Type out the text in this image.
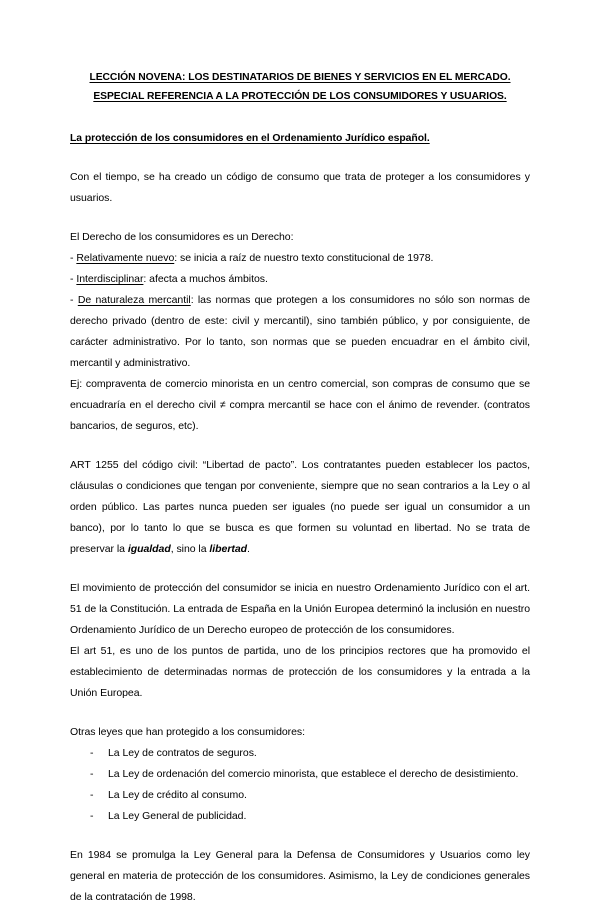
LECCIÓN NOVENA: LOS DESTINATARIOS DE BIENES Y SERVICIOS EN EL MERCADO.
ESPECIAL REFERENCIA A LA PROTECCIÓN DE LOS CONSUMIDORES Y USUARIOS.
La protección de los consumidores en el Ordenamiento Jurídico español.

Con el tiempo, se ha creado un código de consumo que trata de proteger a los consumidores y usuarios.

El Derecho de los consumidores es un Derecho:

- Relativamente nuevo: se inicia a raíz de nuestro texto constitucional de 1978.

- Interdisciplinar: afecta a muchos ámbitos.

- De naturaleza mercantil: las normas que protegen a los consumidores no sólo son normas de derecho privado (dentro de este: civil y mercantil), sino también público, y por consiguiente, de carácter administrativo. Por lo tanto, son normas que se pueden encuadrar en el ámbito civil, mercantil y administrativo.

Ej: compraventa de comercio minorista en un centro comercial, son compras de consumo que se encuadraría en el derecho civil ≠ compra mercantil se hace con el ánimo de revender. (contratos bancarios, de seguros, etc).

ART 1255 del código civil: “Libertad de pacto”. Los contratantes pueden establecer los pactos, cláusulas o condiciones que tengan por conveniente, siempre que no sean contrarios a la Ley o al orden público. Las partes nunca pueden ser iguales (no puede ser igual un consumidor a un banco), por lo tanto lo que se busca es que formen su voluntad en libertad. No se trata de preservar la igualdad, sino la libertad.

El movimiento de protección del consumidor se inicia en nuestro Ordenamiento Jurídico con el art. 51 de la Constitución. La entrada de España en la Unión Europea determinó la inclusión en nuestro Ordenamiento Jurídico de un Derecho europeo de protección de los consumidores.

El art 51, es uno de los puntos de partida, uno de los principios rectores que ha promovido el establecimiento de determinadas normas de protección de los consumidores y la entrada a la Unión Europea.

Otras leyes que han protegido a los consumidores:

- La Ley de contratos de seguros.
- La Ley de ordenación del comercio minorista, que establece el derecho de desistimiento.
- La Ley de crédito al consumo.
- La Ley General de publicidad.

En 1984 se promulga la Ley General para la Defensa de Consumidores y Usuarios como ley general en materia de protección de los consumidores. Asimismo, la Ley de condiciones generales de la contratación de 1998.
